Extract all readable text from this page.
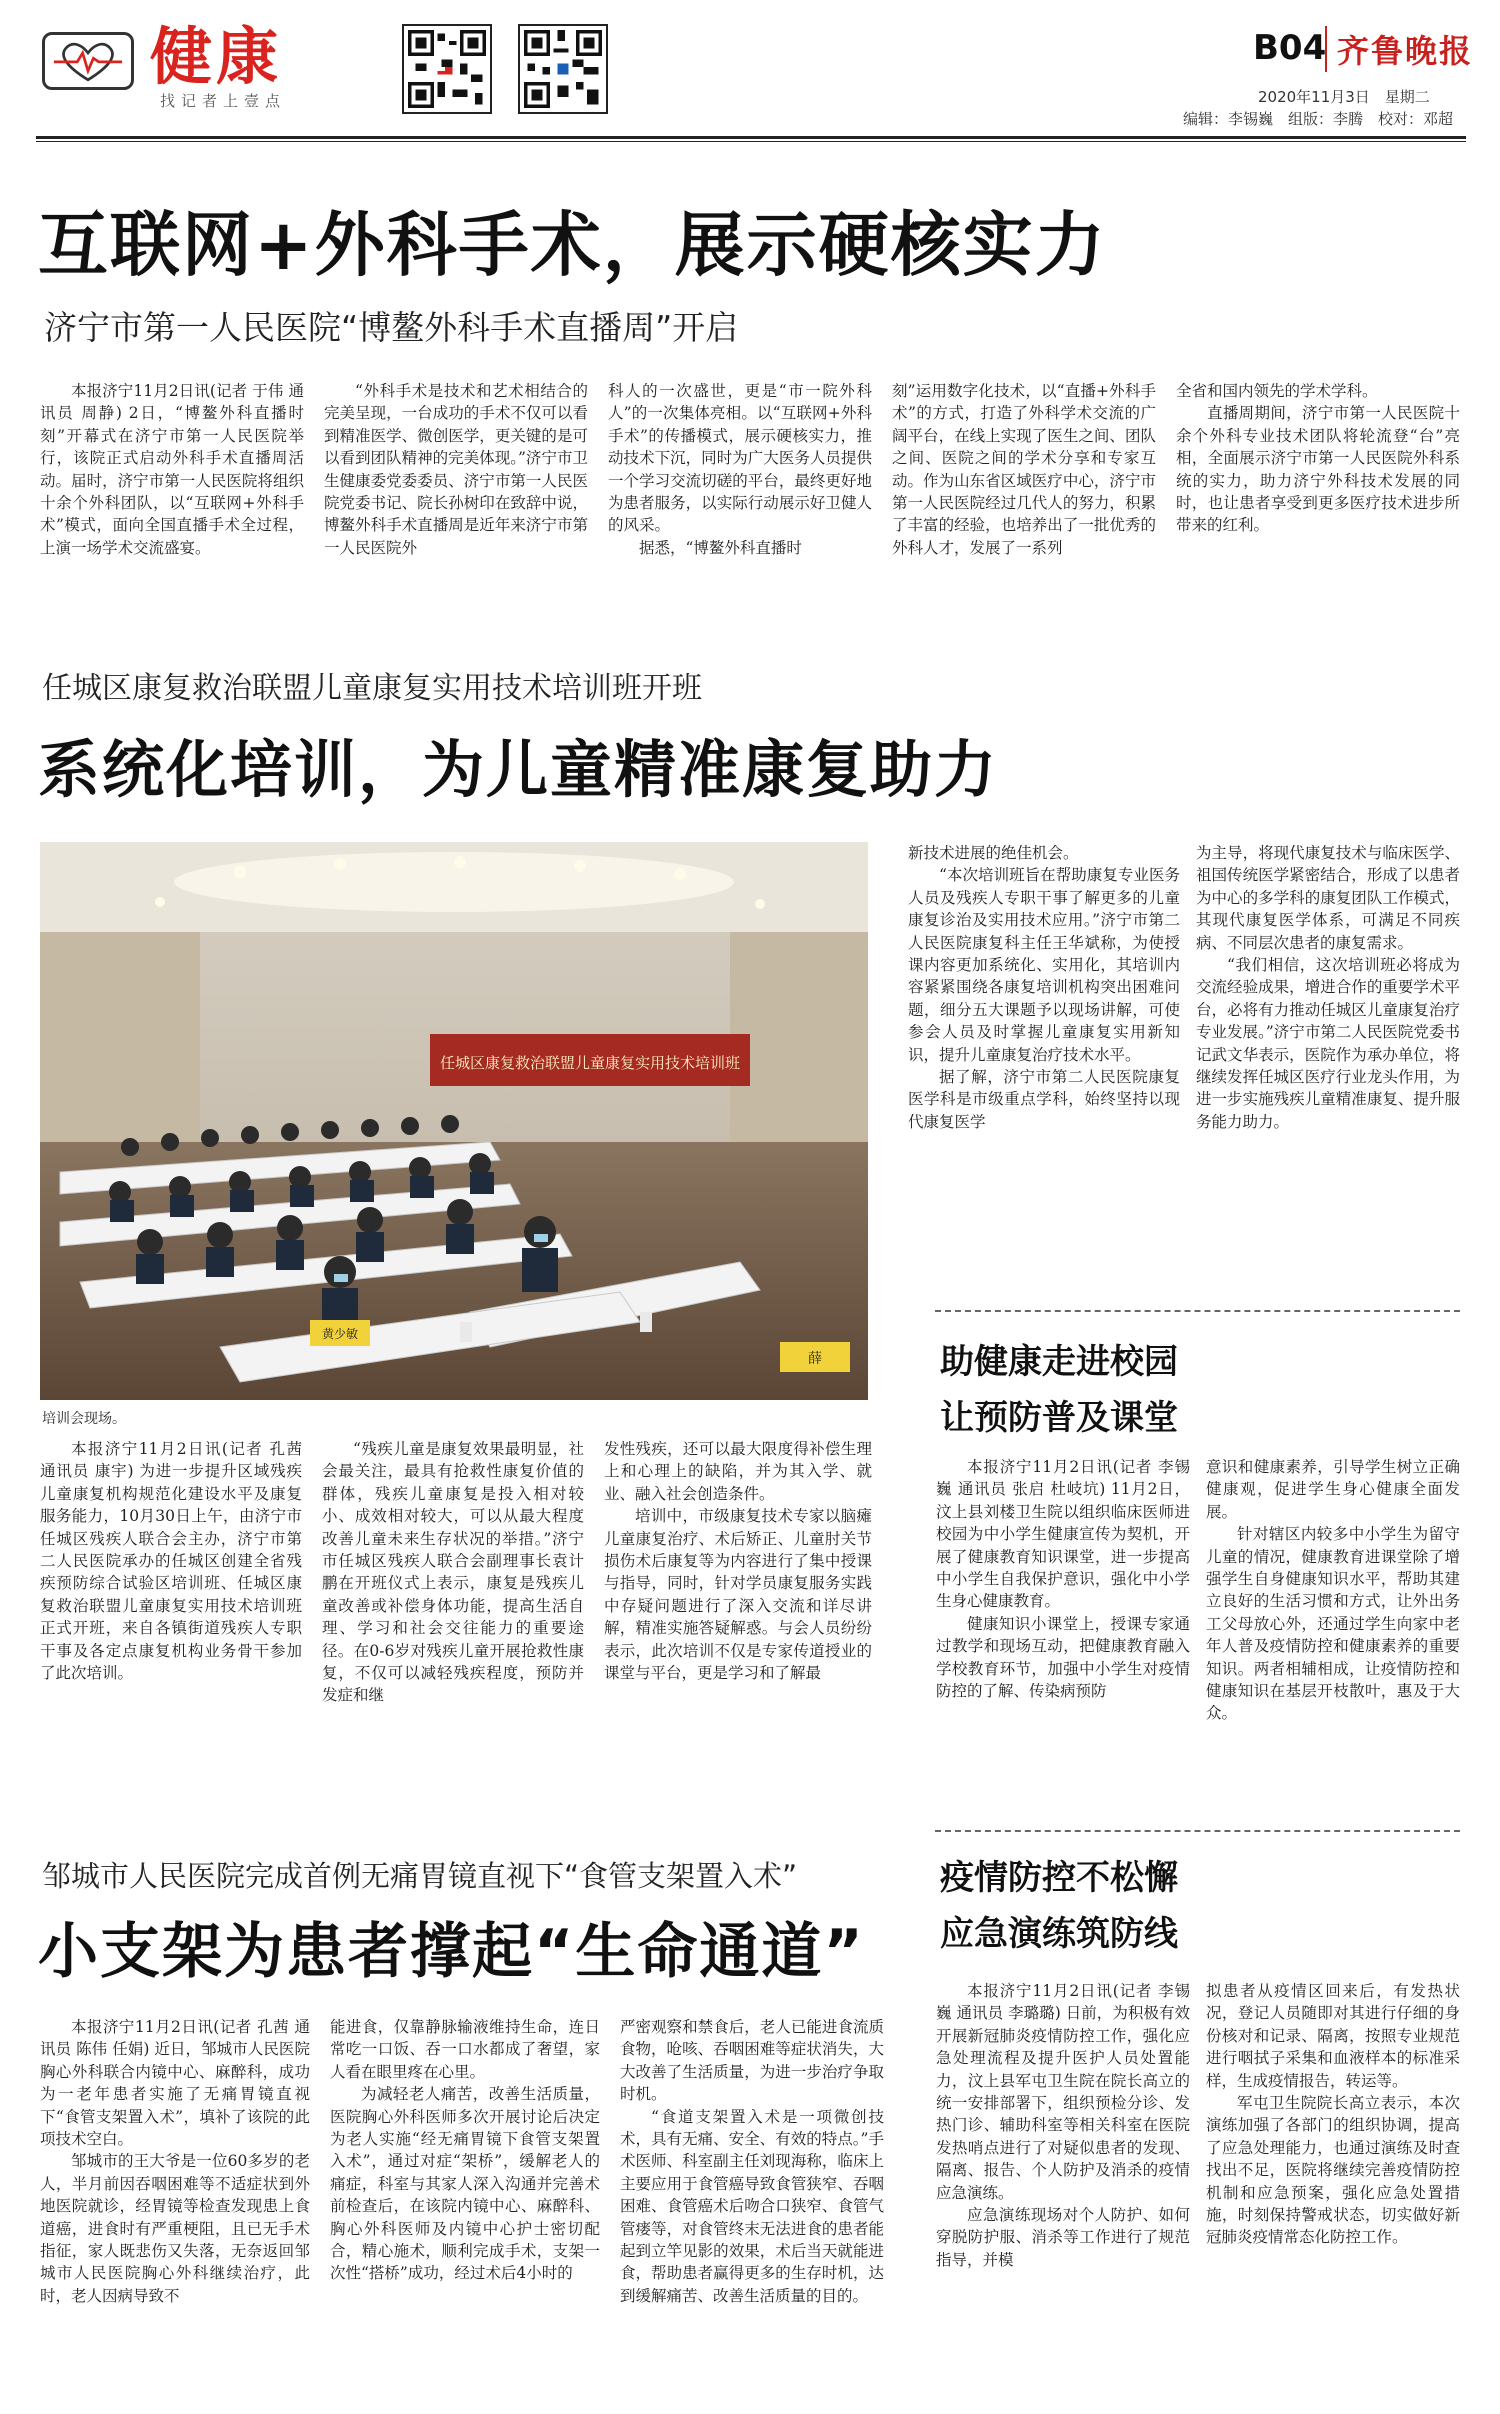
健康
找记者上壹点
B04 齐鲁晚报
2020年11月3日　星期二
编辑：李锡巍　组版：李腾　校对：邓超
互联网+外科手术，展示硬核实力
济宁市第一人民医院“博鳌外科手术直播周”开启

本报济宁11月2日讯(记者 于伟 通讯员 周静) 2日，“博鳌外科直播时刻”开幕式在济宁市第一人民医院举行，该院正式启动外科手术直播周活动。届时，济宁市第一人民医院将组织十余个外科团队，以“互联网+外科手术”模式，面向全国直播手术全过程，上演一场学术交流盛宴。

“外科手术是技术和艺术相结合的完美呈现，一台成功的手术不仅可以看到精准医学、微创医学，更关键的是可以看到团队精神的完美体现。”济宁市卫生健康委党委委员、济宁市第一人民医院党委书记、院长孙树印在致辞中说，博鳌外科手术直播周是近年来济宁市第一人民医院外

科人的一次盛世，更是“市一院外科人”的一次集体亮相。以“互联网+外科手术”的传播模式，展示硬核实力，推动技术下沉，同时为广大医务人员提供一个学习交流切磋的平台，最终更好地为患者服务，以实际行动展示好卫健人的风采。

据悉，“博鳌外科直播时

刻”运用数字化技术，以“直播+外科手术”的方式，打造了外科学术交流的广阔平台，在线上实现了医生之间、团队之间、医院之间的学术分享和专家互动。作为山东省区域医疗中心，济宁市第一人民医院经过几代人的努力，积累了丰富的经验，也培养出了一批优秀的外科人才，发展了一系列

全省和国内领先的学术学科。

直播周期间，济宁市第一人民医院十余个外科专业技术团队将轮流登“台”亮相，全面展示济宁市第一人民医院外科系统的实力，助力济宁外科技术发展的同时，也让患者享受到更多医疗技术进步所带来的红利。

任城区康复救治联盟儿童康复实用技术培训班开班
系统化培训，为儿童精准康复助力
任城区康复救治联盟儿童康复实用技术培训班
黄少敏
薛
培训会现场。

新技术进展的绝佳机会。

“本次培训班旨在帮助康复专业医务人员及残疾人专职干事了解更多的儿童康复诊治及实用技术应用。”济宁市第二人民医院康复科主任王华斌称，为使授课内容更加系统化、实用化，其培训内容紧紧围绕各康复培训机构突出困难问题，细分五大课题予以现场讲解，可使参会人员及时掌握儿童康复实用新知识，提升儿童康复治疗技术水平。

据了解，济宁市第二人民医院康复医学科是市级重点学科，始终坚持以现代康复医学

为主导，将现代康复技术与临床医学、祖国传统医学紧密结合，形成了以患者为中心的多学科的康复团队工作模式，其现代康复医学体系，可满足不同疾病、不同层次患者的康复需求。

“我们相信，这次培训班必将成为交流经验成果，增进合作的重要学术平台，必将有力推动任城区儿童康复治疗专业发展。”济宁市第二人民医院党委书记武文华表示，医院作为承办单位，将继续发挥任城区医疗行业龙头作用，为进一步实施残疾儿童精准康复、提升服务能力助力。

本报济宁11月2日讯(记者 孔茜 通讯员 康宇) 为进一步提升区域残疾儿童康复机构规范化建设水平及康复服务能力，10月30日上午，由济宁市任城区残疾人联合会主办，济宁市第二人民医院承办的任城区创建全省残疾预防综合试验区培训班、任城区康复救治联盟儿童康复实用技术培训班正式开班，来自各镇街道残疾人专职干事及各定点康复机构业务骨干参加了此次培训。

“残疾儿童是康复效果最明显，社会最关注，最具有抢救性康复价值的群体，残疾儿童康复是投入相对较小、成效相对较大，可以从最大程度改善儿童未来生存状况的举措。”济宁市任城区残疾人联合会副理事长袁计鹏在开班仪式上表示，康复是残疾儿童改善或补偿身体功能，提高生活自理、学习和社会交往能力的重要途径。在0-6岁对残疾儿童开展抢救性康复，不仅可以减轻残疾程度，预防并发症和继

发性残疾，还可以最大限度得补偿生理上和心理上的缺陷，并为其入学、就业、融入社会创造条件。

培训中，市级康复技术专家以脑瘫儿童康复治疗、术后矫正、儿童肘关节损伤术后康复等为内容进行了集中授课与指导，同时，针对学员康复服务实践中存疑问题进行了深入交流和详尽讲解，精准实施答疑解惑。与会人员纷纷表示，此次培训不仅是专家传道授业的课堂与平台，更是学习和了解最

助健康走进校园
让预防普及课堂

本报济宁11月2日讯(记者 李锡巍 通讯员 张启 杜岐坑) 11月2日，汶上县刘楼卫生院以组织临床医师进校园为中小学生健康宣传为契机，开展了健康教育知识课堂，进一步提高中小学生自我保护意识，强化中小学生身心健康教育。

健康知识小课堂上，授课专家通过教学和现场互动，把健康教育融入学校教育环节，加强中小学生对疫情防控的了解、传染病预防

意识和健康素养，引导学生树立正确健康观，促进学生身心健康全面发展。

针对辖区内较多中小学生为留守儿童的情况，健康教育进课堂除了增强学生自身健康知识水平，帮助其建立良好的生活习惯和方式，让外出务工父母放心外，还通过学生向家中老年人普及疫情防控和健康素养的重要知识。两者相辅相成，让疫情防控和健康知识在基层开枝散叶，惠及于大众。

邹城市人民医院完成首例无痛胃镜直视下“食管支架置入术”
小支架为患者撑起“生命通道”

本报济宁11月2日讯(记者 孔茜 通讯员 陈伟 任娟) 近日，邹城市人民医院胸心外科联合内镜中心、麻醉科，成功为一老年患者实施了无痛胃镜直视下“食管支架置入术”，填补了该院的此项技术空白。

邹城市的王大爷是一位60多岁的老人，半月前因吞咽困难等不适症状到外地医院就诊，经胃镜等检查发现患上食道癌，进食时有严重梗阻，且已无手术指征，家人既悲伤又失落，无奈返回邹城市人民医院胸心外科继续治疗，此时，老人因病导致不

能进食，仅靠静脉输液维持生命，连日常吃一口饭、吞一口水都成了奢望，家人看在眼里疼在心里。

为减轻老人痛苦，改善生活质量，医院胸心外科医师多次开展讨论后决定为老人实施“经无痛胃镜下食管支架置入术”，通过对症“架桥”，缓解老人的痛症，科室与其家人深入沟通并完善术前检查后，在该院内镜中心、麻醉科、胸心外科医师及内镜中心护士密切配合，精心施术，顺利完成手术，支架一次性“搭桥”成功，经过术后4小时的

严密观察和禁食后，老人已能进食流质食物，呛咳、吞咽困难等症状消失，大大改善了生活质量，为进一步治疗争取时机。

“食道支架置入术是一项微创技术，具有无痛、安全、有效的特点。”手术医师、科室副主任刘现海称，临床上主要应用于食管癌导致食管狭窄、吞咽困难、食管癌术后吻合口狭窄、食管气管瘘等，对食管终末无法进食的患者能起到立竿见影的效果，术后当天就能进食，帮助患者赢得更多的生存时机，达到缓解痛苦、改善生活质量的目的。

疫情防控不松懈
应急演练筑防线

本报济宁11月2日讯(记者 李锡巍 通讯员 李璐璐) 日前，为积极有效开展新冠肺炎疫情防控工作，强化应急处理流程及提升医护人员处置能力，汶上县军屯卫生院在院长高立的统一安排部署下，组织预检分诊、发热门诊、辅助科室等相关科室在医院发热哨点进行了对疑似患者的发现、隔离、报告、个人防护及消杀的疫情应急演练。

应急演练现场对个人防护、如何穿脱防护服、消杀等工作进行了规范指导，并模

拟患者从疫情区回来后，有发热状况，登记人员随即对其进行仔细的身份核对和记录、隔离，按照专业规范进行咽拭子采集和血液样本的标准采样，生成疫情报告，转运等。

军屯卫生院院长高立表示，本次演练加强了各部门的组织协调，提高了应急处理能力，也通过演练及时查找出不足，医院将继续完善疫情防控机制和应急预案，强化应急处置措施，时刻保持警戒状态，切实做好新冠肺炎疫情常态化防控工作。
